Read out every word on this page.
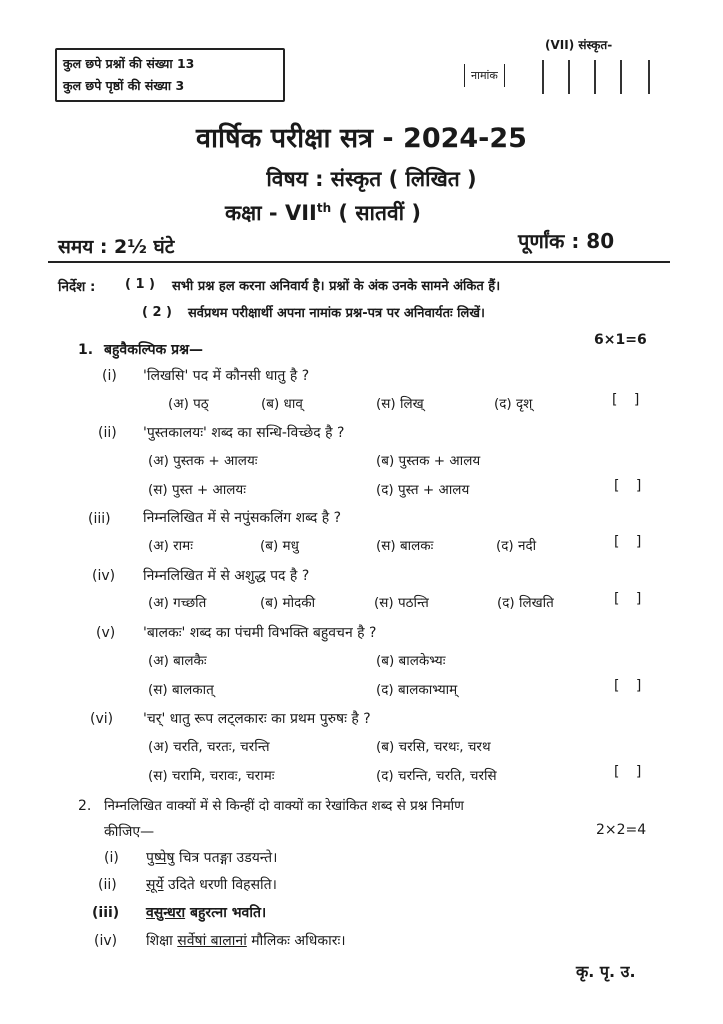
कुल छपे प्रश्नों की संख्या 13
कुल छपे पृष्ठों की संख्या 3
(VII) संस्कृत-
नामांक
वार्षिक परीक्षा सत्र - 2024-25
विषय : संस्कृत ( लिखित )
कक्षा - VIIth ( सातवीं )
समय : 2½ घंटे	पूर्णांक : 80
निर्देश : ( 1 ) सभी प्रश्न हल करना अनिवार्य है। प्रश्नों के अंक उनके सामने अंकित हैं।
( 2 ) सर्वप्रथम परीक्षार्थी अपना नामांक प्रश्न-पत्र पर अनिवार्यतः लिखें।
1. बहुवैकल्पिक प्रश्न—
6×1=6
(i) 'लिखसि' पद में कौनसी धातु है ?
(अ) पठ्	(ब) धाव्	(स) लिख्	(द) दृश्	[ ]
(ii) 'पुस्तकालयः' शब्द का सन्धि-विच्छेद है ?
(अ) पुस्तक + आलयः	(ब) पुस्तक + आलय
(स) पुस्त + आलयः	(द) पुस्त + आलय	[ ]
(iii) निम्नलिखित में से नपुंसकलिंग शब्द है ?
(अ) रामः	(ब) मधु	(स) बालकः	(द) नदी	[ ]
(iv) निम्नलिखित में से अशुद्ध पद है ?
(अ) गच्छति	(ब) मोदकी	(स) पठन्ति	(द) लिखति	[ ]
(v) 'बालकः' शब्द का पंचमी विभक्ति बहुवचन है ?
(अ) बालकैः	(ब) बालकेभ्यः
(स) बालकात्	(द) बालकाभ्याम्	[ ]
(vi) 'चर्' धातु रूप लट्लकारः का प्रथम पुरुषः है ?
(अ) चरति, चरतः, चरन्ति	(ब) चरसि, चरथः, चरथ
(स) चरामि, चरावः, चरामः	(द) चरन्ति, चरति, चरसि	[ ]
2. निम्नलिखित वाक्यों में से किन्हीं दो वाक्यों का रेखांकित शब्द से प्रश्न निर्माण
कीजिए—	2×2=4
(i) पुष्पेषु चित्र पतङ्गा उडयन्ते।
(ii) सूर्ये उदिते धरणी विहसति।
(iii) वसुन्धरा बहुरत्ना भवति।
(iv) शिक्षा सर्वेषां बालानां मौलिकः अधिकारः।
कृ. पृ. उ.
